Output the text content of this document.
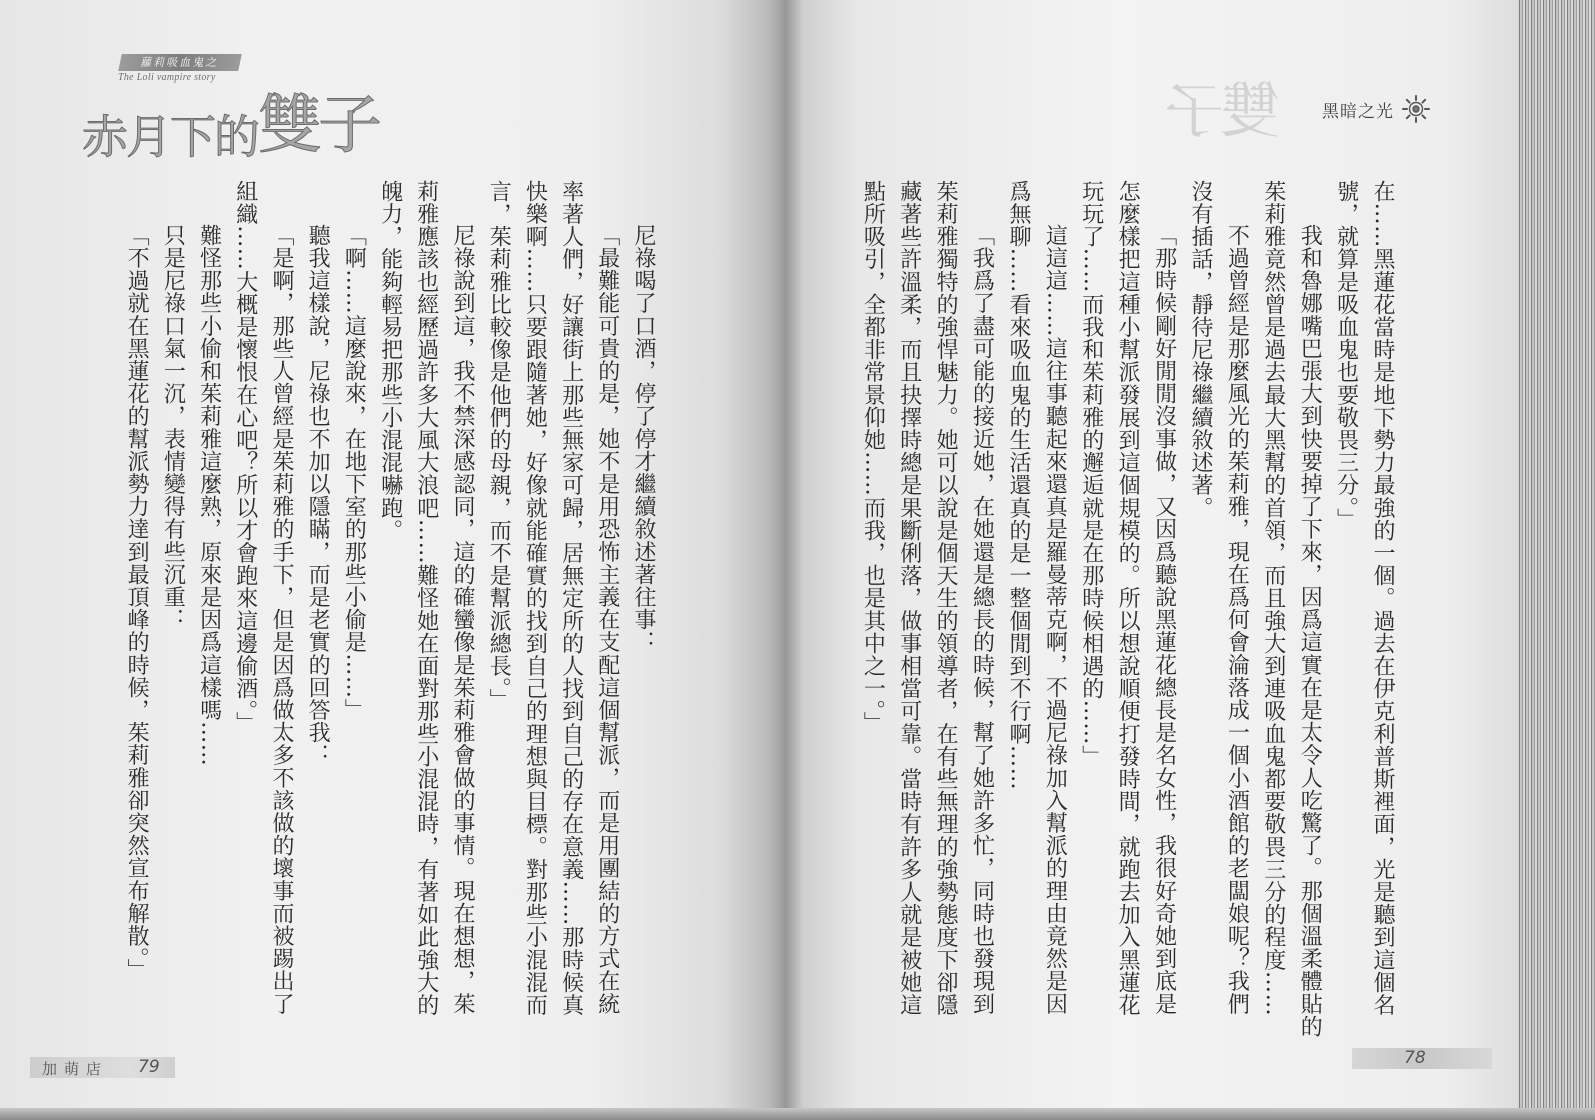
蘿莉吸血鬼之
The Loli vampire story
赤月下的雙子	雙子 黑暗之光

尼祿喝了口酒，停了停才繼續敘述著往事：

「最難能可貴的是，她不是用恐怖主義在支配這個幫派，而是用團結的方式在統

率著人們，好讓街上那些無家可歸，居無定所的人找到自己的存在意義……那時候真

快樂啊……只要跟隨著她，好像就能確實的找到自己的理想與目標。對那些小混混而

言，茱莉雅比較像是他們的母親，而不是幫派總長。」

尼祿說到這，我不禁深感認同，這的確蠻像是茱莉雅會做的事情。現在想想，茱

莉雅應該也經歷過許多大風大浪吧……難怪她在面對那些小混混時，有著如此強大的

魄力，能夠輕易把那些小混混嚇跑。

「啊……這麼說來，在地下室的那些小偷是……」

聽我這樣說，尼祿也不加以隱瞞，而是老實的回答我：

「是啊，那些人曾經是茱莉雅的手下，但是因爲做太多不該做的壞事而被踢出了

組織……大概是懷恨在心吧？所以才會跑來這邊偷酒。」

難怪那些小偷和茱莉雅這麼熟，原來是因爲這樣嗎……

只是尼祿口氣一沉，表情變得有些沉重：

「不過就在黑蓮花的幫派勢力達到最頂峰的時候，茱莉雅卻突然宣布解散。」	在……黑蓮花當時是地下勢力最強的一個。過去在伊克利普斯裡面，光是聽到這個名

號，就算是吸血鬼也要敬畏三分。」

我和魯娜嘴巴張大到快要掉了下來，因爲這實在是太令人吃驚了。那個溫柔體貼的

茱莉雅竟然曾是過去最大黑幫的首領，而且強大到連吸血鬼都要敬畏三分的程度……

不過曾經是那麼風光的茱莉雅，現在爲何會淪落成一個小酒館的老闆娘呢？我們

沒有插話，靜待尼祿繼續敘述著。

「那時候剛好閒閒沒事做，又因爲聽說黑蓮花總長是名女性，我很好奇她到底是

怎麼樣把這種小幫派發展到這個規模的。所以想說順便打發時間，就跑去加入黑蓮花

玩玩了……而我和茱莉雅的邂逅就是在那時候相遇的……」

這這這……這往事聽起來還真是羅曼蒂克啊，不過尼祿加入幫派的理由竟然是因

爲無聊……看來吸血鬼的生活還真的是一整個閒到不行啊……

「我爲了盡可能的接近她，在她還是總長的時候，幫了她許多忙，同時也發現到

茱莉雅獨特的強悍魅力。她可以說是個天生的領導者，在有些無理的強勢態度下卻隱

藏著些許溫柔，而且抉擇時總是果斷俐落，做事相當可靠。當時有許多人就是被她這

點所吸引，全都非常景仰她……而我，也是其中之一。」

加萌店 79	78
